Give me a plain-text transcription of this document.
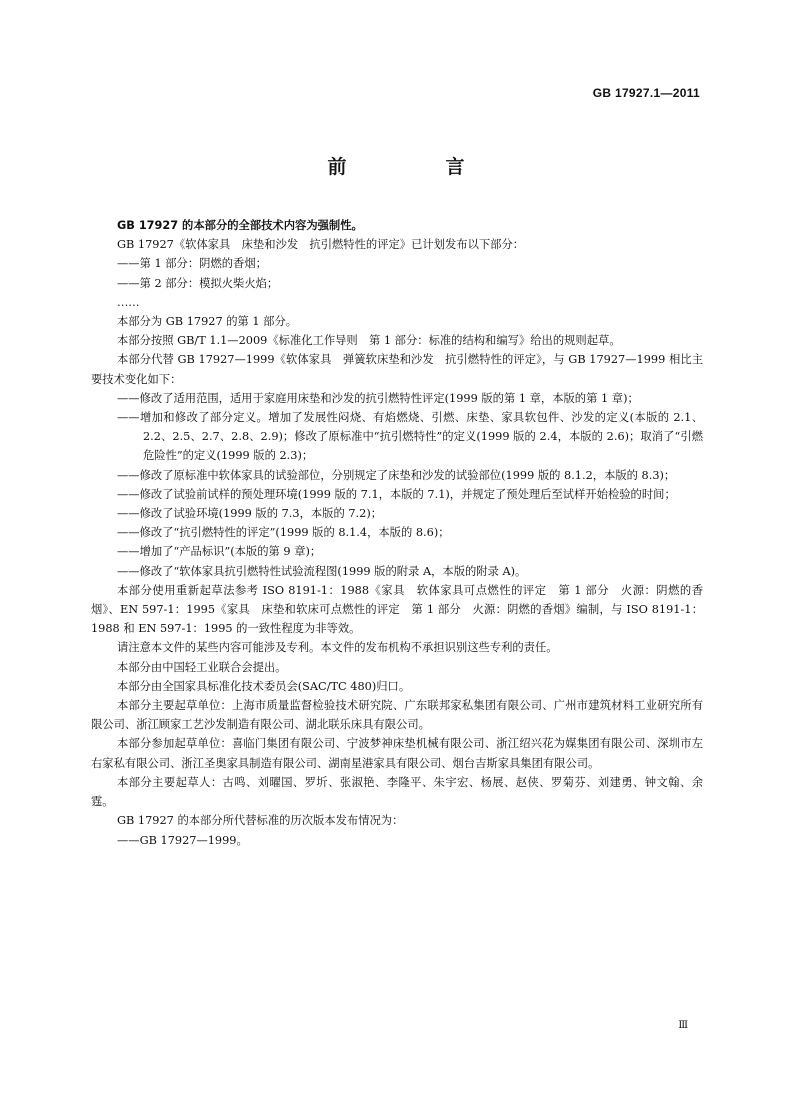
GB 17927.1—2011
前　言

GB 17927 的本部分的全部技术内容为强制性。

GB 17927《软体家具　床垫和沙发　抗引燃特性的评定》已计划发布以下部分：

——第 1 部分：阴燃的香烟；

——第 2 部分：模拟火柴火焰；

……

本部分为 GB 17927 的第 1 部分。

本部分按照 GB/T 1.1—2009《标准化工作导则　第 1 部分：标准的结构和编写》给出的规则起草。

本部分代替 GB 17927—1999《软体家具　弹簧软床垫和沙发　抗引燃特性的评定》，与 GB 17927—1999 相比主要技术变化如下：

——修改了适用范围，适用于家庭用床垫和沙发的抗引燃特性评定(1999 版的第 1 章，本版的第 1 章)；

——增加和修改了部分定义。增加了发展性闷烧、有焰燃烧、引燃、床垫、家具软包件、沙发的定义(本版的 2.1、2.2、2.5、2.7、2.8、2.9)；修改了原标准中“抗引燃特性”的定义(1999 版的 2.4，本版的 2.6)；取消了“引燃危险性”的定义(1999 版的 2.3)；

——修改了原标准中软体家具的试验部位，分别规定了床垫和沙发的试验部位(1999 版的 8.1.2，本版的 8.3)；

——修改了试验前试样的预处理环境(1999 版的 7.1，本版的 7.1)，并规定了预处理后至试样开始检验的时间；

——修改了试验环境(1999 版的 7.3，本版的 7.2)；

——修改了“抗引燃特性的评定”(1999 版的 8.1.4，本版的 8.6)；

——增加了“产品标识”(本版的第 9 章)；

——修改了“软体家具抗引燃特性试验流程图(1999 版的附录 A，本版的附录 A)。

本部分使用重新起草法参考 ISO 8191-1：1988《家具　软体家具可点燃性的评定　第 1 部分　火源：阴燃的香烟》、EN 597-1：1995《家具　床垫和软床可点燃性的评定　第 1 部分　火源：阴燃的香烟》编制，与 ISO 8191-1：1988 和 EN 597-1：1995 的一致性程度为非等效。

请注意本文件的某些内容可能涉及专利。本文件的发布机构不承担识别这些专利的责任。

本部分由中国轻工业联合会提出。

本部分由全国家具标准化技术委员会(SAC/TC 480)归口。

本部分主要起草单位：上海市质量监督检验技术研究院、广东联邦家私集团有限公司、广州市建筑材料工业研究所有限公司、浙江顾家工艺沙发制造有限公司、湖北联乐床具有限公司。

本部分参加起草单位：喜临门集团有限公司、宁波梦神床垫机械有限公司、浙江绍兴花为媒集团有限公司、深圳市左右家私有限公司、浙江圣奥家具制造有限公司、湖南星港家具有限公司、烟台吉斯家具集团有限公司。

本部分主要起草人：古鸣、刘曜国、罗圻、张淑艳、李隆平、朱宇宏、杨展、赵侠、罗菊芬、刘建勇、钟文翰、余霆。

GB 17927 的本部分所代替标准的历次版本发布情况为：

——GB 17927—1999。

Ⅲ
